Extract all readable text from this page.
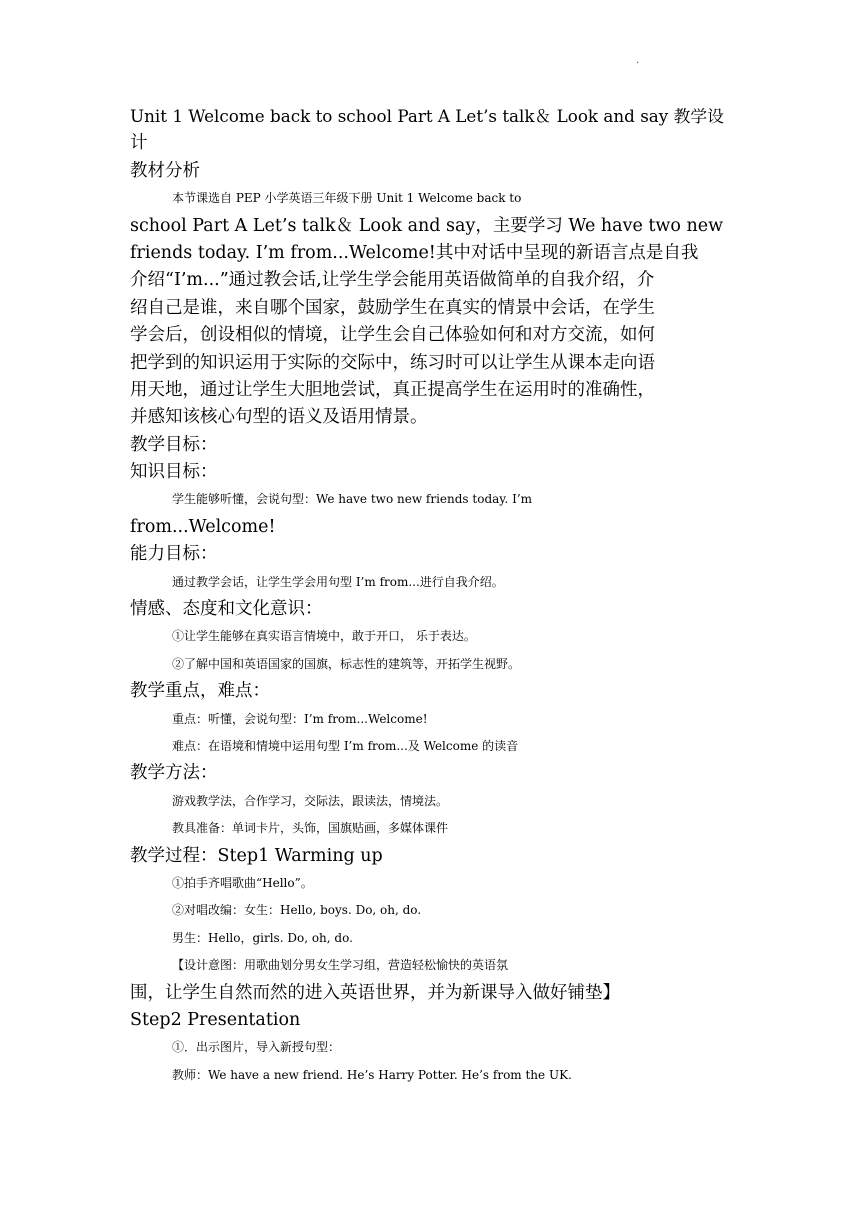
.
Unit 1 Welcome back to school Part A Let’s talk＆ Look and say 教学设
计
教材分析
本节课选自 PEP 小学英语三年级下册 Unit 1 Welcome back to
school Part A Let’s talk＆ Look and say，主要学习 We have two new
friends today. I’m from...Welcome!其中对话中呈现的新语言点是自我
介绍“I’m...”通过教会话,让学生学会能用英语做简单的自我介绍，介
绍自己是谁，来自哪个国家，鼓励学生在真实的情景中会话，在学生
学会后，创设相似的情境，让学生会自己体验如何和对方交流，如何
把学到的知识运用于实际的交际中，练习时可以让学生从课本走向语
用天地，通过让学生大胆地尝试，真正提高学生在运用时的准确性，
并感知该核心句型的语义及语用情景。
教学目标：
知识目标：
学生能够听懂，会说句型：We have two new friends today. I’m
from...Welcome!
能力目标：
通过教学会话，让学生学会用句型 I’m from...进行自我介绍。
情感、态度和文化意识：
①让学生能够在真实语言情境中，敢于开口， 乐于表达。
②了解中国和英语国家的国旗，标志性的建筑等，开拓学生视野。
教学重点，难点：
重点：听懂，会说句型：I’m from...Welcome!
难点：在语境和情境中运用句型 I’m from...及 Welcome 的读音
教学方法：
游戏教学法，合作学习，交际法，跟读法，情境法。
教具准备：单词卡片，头饰，国旗贴画，多媒体课件
教学过程：Step1 Warming up
①拍手齐唱歌曲“Hello”。
②对唱改编：女生：Hello, boys. Do, oh, do.
男生：Hello，girls. Do, oh, do.
【设计意图：用歌曲划分男女生学习组，营造轻松愉快的英语氛
围，让学生自然而然的进入英语世界，并为新课导入做好铺垫】
Step2 Presentation
①．出示图片，导入新授句型：
教师：We have a new friend. He’s Harry Potter. He’s from the UK.
